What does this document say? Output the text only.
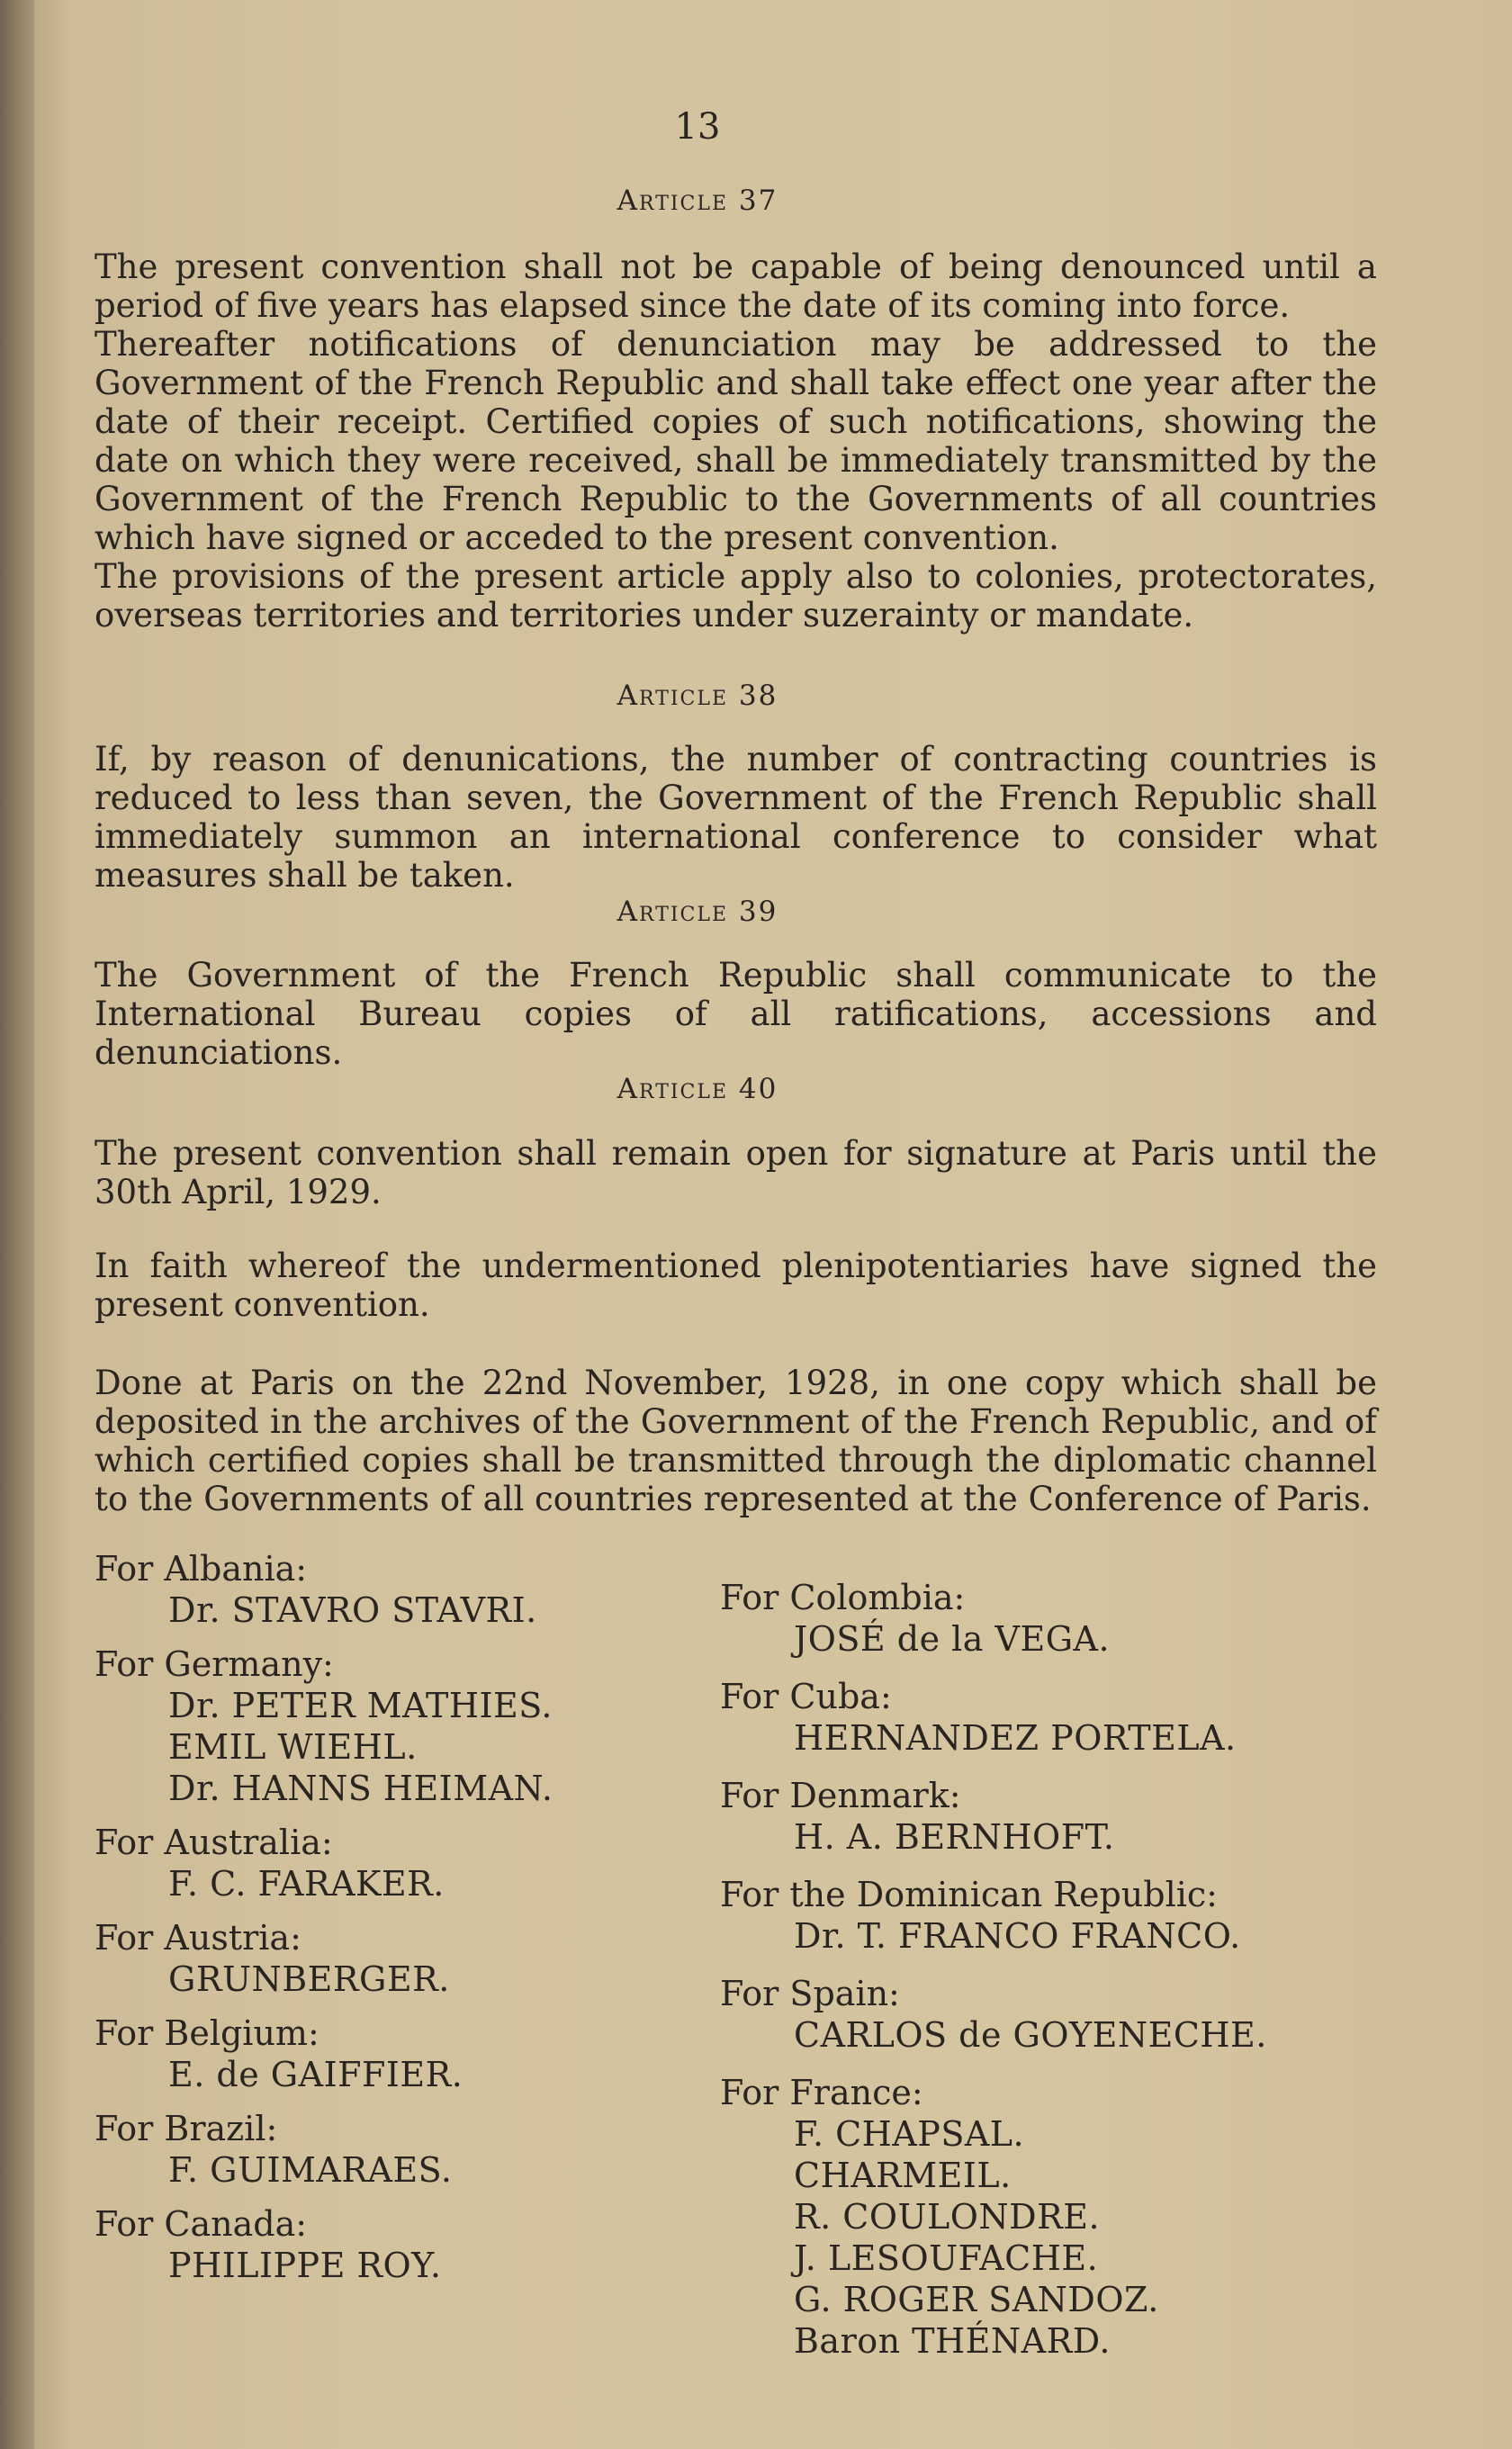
13
Article 37
The present convention shall not be capable of being denounced until a period of five years has elapsed since the date of its coming into force.
Thereafter notifications of denunciation may be addressed to the Government of the French Republic and shall take effect one year after the date of their receipt. Certified copies of such notifications, showing the date on which they were received, shall be immediately transmitted by the Government of the French Republic to the Governments of all countries which have signed or acceded to the present convention.
The provisions of the present article apply also to colonies, protectorates, overseas territories and territories under suzerainty or mandate.
Article 38
If, by reason of denunications, the number of contracting countries is reduced to less than seven, the Government of the French Republic shall immediately summon an international conference to consider what measures shall be taken.
Article 39
The Government of the French Republic shall communicate to the International Bureau copies of all ratifications, accessions and denunciations.
Article 40
The present convention shall remain open for signature at Paris until the 30th April, 1929.
In faith whereof the undermentioned plenipotentiaries have signed the present convention.
Done at Paris on the 22nd November, 1928, in one copy which shall be deposited in the archives of the Government of the French Republic, and of which certified copies shall be transmitted through the diplomatic channel to the Governments of all countries represented at the Conference of Paris.
For Albania:
Dr. STAVRO STAVRI.
For Germany:
Dr. PETER MATHIES.
EMIL WIEHL.
Dr. HANNS HEIMAN.
For Australia:
F. C. FARAKER.
For Austria:
GRUNBERGER.
For Belgium:
E. de GAIFFIER.
For Brazil:
F. GUIMARAES.
For Canada:
PHILIPPE ROY.
For Colombia:
JOSÉ de la VEGA.
For Cuba:
HERNANDEZ PORTELA.
For Denmark:
H. A. BERNHOFT.
For the Dominican Republic:
Dr. T. FRANCO FRANCO.
For Spain:
CARLOS de GOYENECHE.
For France:
F. CHAPSAL.
CHARMEIL.
R. COULONDRE.
J. LESOUFACHE.
G. ROGER SANDOZ.
Baron THÉNARD.
